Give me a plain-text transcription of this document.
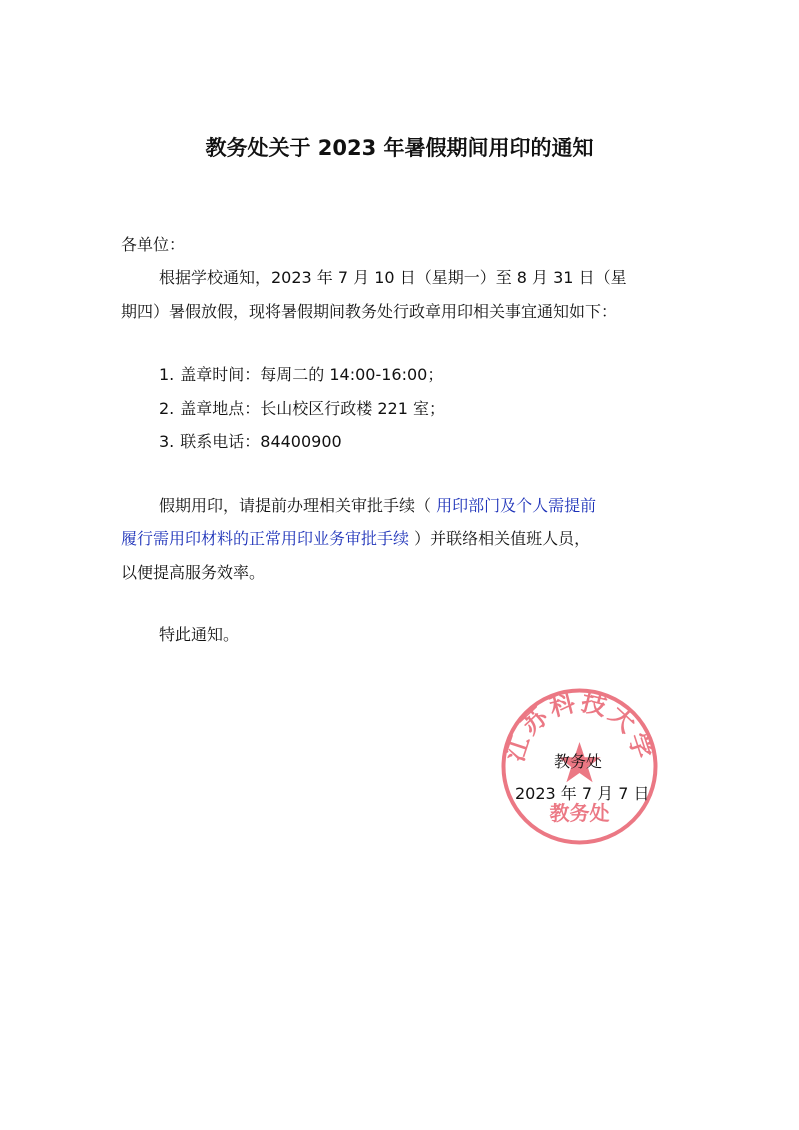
教务处关于 2023 年暑假期间用印的通知

各单位：

根据学校通知，2023 年 7 月 10 日（星期一）至 8 月 31 日（星

期四）暑假放假，现将暑假期间教务处行政章用印相关事宜通知如下：

1. 盖章时间：每周二的 14:00-16:00；
2. 盖章地点：长山校区行政楼 221 室；
3. 联系电话：84400900

假期用印，请提前办理相关审批手续（ 用印部门及个人需提前

履行需用印材料的正常用印业务审批手续 ）并联络相关值班人员，

以便提高服务效率。

特此通知。

江苏科技大学
教务处
教务处
2023 年 7 月 7 日
